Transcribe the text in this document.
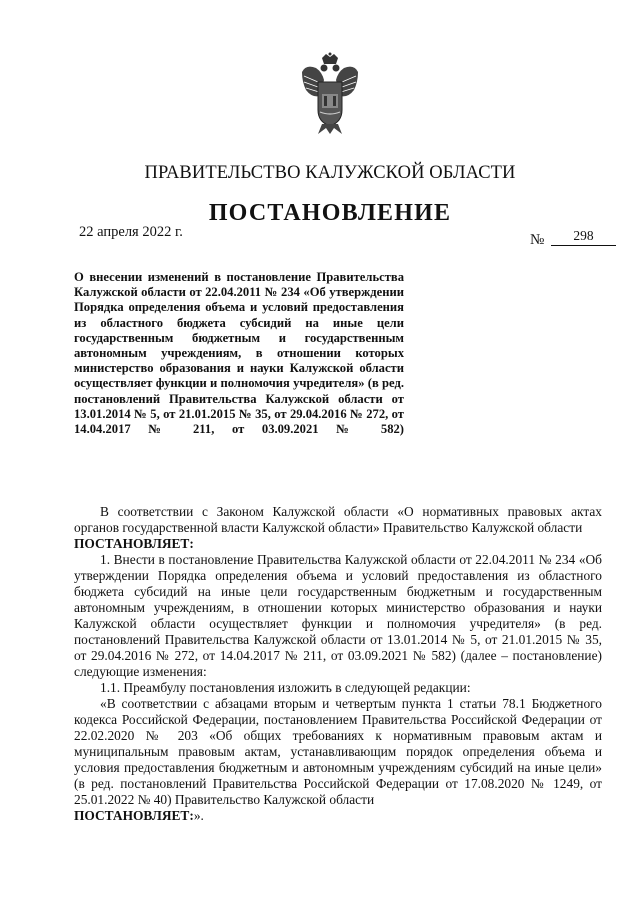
ПРАВИТЕЛЬСТВО КАЛУЖСКОЙ ОБЛАСТИ
ПОСТАНОВЛЕНИЕ
22 апреля 2022 г.	№	298
О внесении изменений в постановление Правительства Калужской области от 22.04.2011 № 234 «Об утверждении Порядка определения объема и условий предоставления из областного бюджета субсидий на иные цели государственным бюджетным и государственным автономным учреждениям, в отношении которых министерство образования и науки Калужской области осуществляет функции и полномочия учредителя» (в ред. постановлений Правительства Калужской области от 13.01.2014 № 5, от 21.01.2015 № 35, от 29.04.2016 № 272, от 14.04.2017 № 211, от 03.09.2021 № 582)

В соответствии с Законом Калужской области «О нормативных правовых актах органов государственной власти Калужской области» Правительство Калужской области

ПОСТАНОВЛЯЕТ:

1. Внести в постановление Правительства Калужской области от 22.04.2011 № 234 «Об утверждении Порядка определения объема и условий предоставления из областного бюджета субсидий на иные цели государственным бюджетным и государственным автономным учреждениям, в отношении которых министерство образования и науки Калужской области осуществляет функции и полномочия учредителя» (в ред. постановлений Правительства Калужской области от 13.01.2014 № 5, от 21.01.2015 № 35, от 29.04.2016 № 272, от 14.04.2017 № 211, от 03.09.2021 № 582) (далее – постановление) следующие изменения:

1.1. Преамбулу постановления изложить в следующей редакции:

«В соответствии с абзацами вторым и четвертым пункта 1 статьи 78.1 Бюджетного кодекса Российской Федерации, постановлением Правительства Российской Федерации от 22.02.2020 № 203 «Об общих требованиях к нормативным правовым актам и муниципальным правовым актам, устанавливающим порядок определения объема и условия предоставления бюджетным и автономным учреждениям субсидий на иные цели» (в ред. постановлений Правительства Российской Федерации от 17.08.2020 № 1249, от 25.01.2022 № 40) Правительство Калужской области

ПОСТАНОВЛЯЕТ:».
